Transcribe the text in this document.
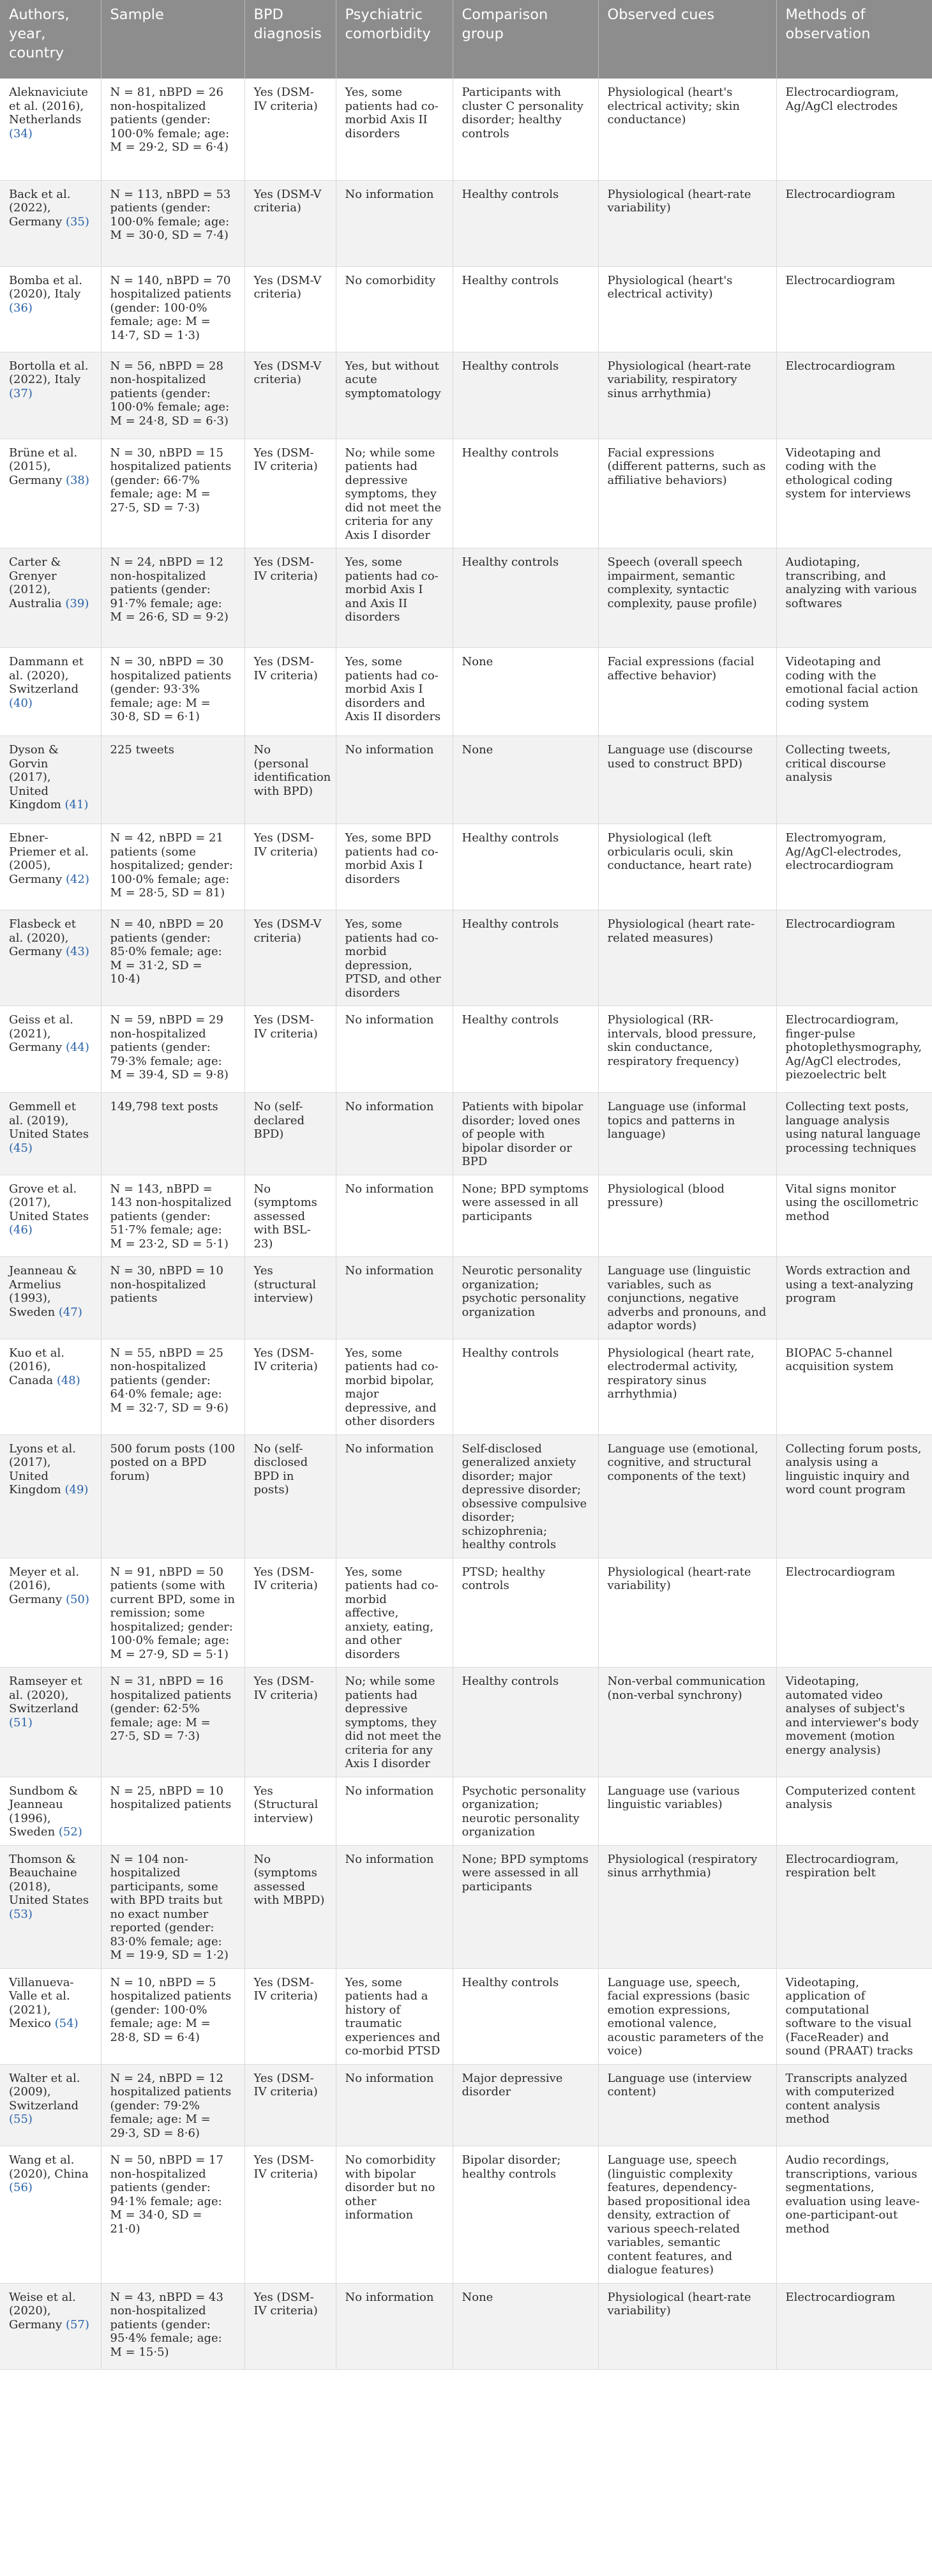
Authors, year, country	Sample	BPD diagnosis	Psychiatric comorbidity	Comparison group	Observed cues	Methods of observation
Aleknaviciute et al. (2016), Netherlands (34)	N = 81, nBPD = 26 non-hospitalized patients (gender: 100·0% female; age: M = 29·2, SD = 6·4)	Yes (DSM-IV criteria)	Yes, some patients had co-morbid Axis II disorders	Participants with cluster C personality disorder; healthy controls	Physiological (heart's electrical activity; skin conductance)	Electrocardiogram, Ag/AgCl electrodes
Back et al. (2022), Germany (35)	N = 113, nBPD = 53 patients (gender: 100·0% female; age: M = 30·0, SD = 7·4)	Yes (DSM-V criteria)	No information	Healthy controls	Physiological (heart-rate variability)	Electrocardiogram
Bomba et al. (2020), Italy (36)	N = 140, nBPD = 70 hospitalized patients (gender: 100·0% female; age: M = 14·7, SD = 1·3)	Yes (DSM-V criteria)	No comorbidity	Healthy controls	Physiological (heart's electrical activity)	Electrocardiogram
Bortolla et al. (2022), Italy (37)	N = 56, nBPD = 28 non-hospitalized patients (gender: 100·0% female; age: M = 24·8, SD = 6·3)	Yes (DSM-V criteria)	Yes, but without acute symptomatology	Healthy controls	Physiological (heart-rate variability, respiratory sinus arrhythmia)	Electrocardiogram
Brüne et al. (2015), Germany (38)	N = 30, nBPD = 15 hospitalized patients (gender: 66·7% female; age: M = 27·5, SD = 7·3)	Yes (DSM-IV criteria)	No; while some patients had depressive symptoms, they did not meet the criteria for any Axis I disorder	Healthy controls	Facial expressions (different patterns, such as affiliative behaviors)	Videotaping and coding with the ethological coding system for interviews
Carter & Grenyer (2012), Australia (39)	N = 24, nBPD = 12 non-hospitalized patients (gender: 91·7% female; age: M = 26·6, SD = 9·2)	Yes (DSM-IV criteria)	Yes, some patients had co-morbid Axis I and Axis II disorders	Healthy controls	Speech (overall speech impairment, semantic complexity, syntactic complexity, pause profile)	Audiotaping, transcribing, and analyzing with various softwares
Dammann et al. (2020), Switzerland (40)	N = 30, nBPD = 30 hospitalized patients (gender: 93·3% female; age: M = 30·8, SD = 6·1)	Yes (DSM-IV criteria)	Yes, some patients had co-morbid Axis I disorders and Axis II disorders	None	Facial expressions (facial affective behavior)	Videotaping and coding with the emotional facial action coding system
Dyson & Gorvin (2017), United Kingdom (41)	225 tweets	No (personal identification with BPD)	No information	None	Language use (discourse used to construct BPD)	Collecting tweets, critical discourse analysis
Ebner-Priemer et al. (2005), Germany (42)	N = 42, nBPD = 21 patients (some hospitalized; gender: 100·0% female; age: M = 28·5, SD = 81)	Yes (DSM-IV criteria)	Yes, some BPD patients had co-morbid Axis I disorders	Healthy controls	Physiological (left orbicularis oculi, skin conductance, heart rate)	Electromyogram, Ag/AgCl-electrodes, electrocardiogram
Flasbeck et al. (2020), Germany (43)	N = 40, nBPD = 20 patients (gender: 85·0% female; age: M = 31·2, SD = 10·4)	Yes (DSM-V criteria)	Yes, some patients had co-morbid depression, PTSD, and other disorders	Healthy controls	Physiological (heart rate-related measures)	Electrocardiogram
Geiss et al. (2021), Germany (44)	N = 59, nBPD = 29 non-hospitalized patients (gender: 79·3% female; age: M = 39·4, SD = 9·8)	Yes (DSM-IV criteria)	No information	Healthy controls	Physiological (RR-intervals, blood pressure, skin conductance, respiratory frequency)	Electrocardiogram, finger-pulse photoplethysmography, Ag/AgCl electrodes, piezoelectric belt
Gemmell et al. (2019), United States (45)	149,798 text posts	No (self-declared BPD)	No information	Patients with bipolar disorder; loved ones of people with bipolar disorder or BPD	Language use (informal topics and patterns in language)	Collecting text posts, language analysis using natural language processing techniques
Grove et al. (2017), United States (46)	N = 143, nBPD = 143 non-hospitalized patients (gender: 51·7% female; age: M = 23·2, SD = 5·1)	No (symptoms assessed with BSL-23)	No information	None; BPD symptoms were assessed in all participants	Physiological (blood pressure)	Vital signs monitor using the oscillometric method
Jeanneau & Armelius (1993), Sweden (47)	N = 30, nBPD = 10 non-hospitalized patients	Yes (structural interview)	No information	Neurotic personality organization; psychotic personality organization	Language use (linguistic variables, such as conjunctions, negative adverbs and pronouns, and adaptor words)	Words extraction and using a text-analyzing program
Kuo et al. (2016), Canada (48)	N = 55, nBPD = 25 non-hospitalized patients (gender: 64·0% female; age: M = 32·7, SD = 9·6)	Yes (DSM-IV criteria)	Yes, some patients had co-morbid bipolar, major depressive, and other disorders	Healthy controls	Physiological (heart rate, electrodermal activity, respiratory sinus arrhythmia)	BIOPAC 5-channel acquisition system
Lyons et al. (2017), United Kingdom (49)	500 forum posts (100 posted on a BPD forum)	No (self-disclosed BPD in posts)	No information	Self-disclosed generalized anxiety disorder; major depressive disorder; obsessive compulsive disorder; schizophrenia; healthy controls	Language use (emotional, cognitive, and structural components of the text)	Collecting forum posts, analysis using a linguistic inquiry and word count program
Meyer et al. (2016), Germany (50)	N = 91, nBPD = 50 patients (some with current BPD, some in remission; some hospitalized; gender: 100·0% female; age: M = 27·9, SD = 5·1)	Yes (DSM-IV criteria)	Yes, some patients had co-morbid affective, anxiety, eating, and other disorders	PTSD; healthy controls	Physiological (heart-rate variability)	Electrocardiogram
Ramseyer et al. (2020), Switzerland (51)	N = 31, nBPD = 16 hospitalized patients (gender: 62·5% female; age: M = 27·5, SD = 7·3)	Yes (DSM-IV criteria)	No; while some patients had depressive symptoms, they did not meet the criteria for any Axis I disorder	Healthy controls	Non-verbal communication (non-verbal synchrony)	Videotaping, automated video analyses of subject's and interviewer's body movement (motion energy analysis)
Sundbom & Jeanneau (1996), Sweden (52)	N = 25, nBPD = 10 hospitalized patients	Yes (Structural interview)	No information	Psychotic personality organization; neurotic personality organization	Language use (various linguistic variables)	Computerized content analysis
Thomson & Beauchaine (2018), United States (53)	N = 104 non-hospitalized participants, some with BPD traits but no exact number reported (gender: 83·0% female; age: M = 19·9, SD = 1·2)	No (symptoms assessed with MBPD)	No information	None; BPD symptoms were assessed in all participants	Physiological (respiratory sinus arrhythmia)	Electrocardiogram, respiration belt
Villanueva-Valle et al. (2021), Mexico (54)	N = 10, nBPD = 5 hospitalized patients (gender: 100·0% female; age: M = 28·8, SD = 6·4)	Yes (DSM-IV criteria)	Yes, some patients had a history of traumatic experiences and co-morbid PTSD	Healthy controls	Language use, speech, facial expressions (basic emotion expressions, emotional valence, acoustic parameters of the voice)	Videotaping, application of computational software to the visual (FaceReader) and sound (PRAAT) tracks
Walter et al. (2009), Switzerland (55)	N = 24, nBPD = 12 hospitalized patients (gender: 79·2% female; age: M = 29·3, SD = 8·6)	Yes (DSM-IV criteria)	No information	Major depressive disorder	Language use (interview content)	Transcripts analyzed with computerized content analysis method
Wang et al. (2020), China (56)	N = 50, nBPD = 17 non-hospitalized patients (gender: 94·1% female; age: M = 34·0, SD = 21·0)	Yes (DSM-IV criteria)	No comorbidity with bipolar disorder but no other information	Bipolar disorder; healthy controls	Language use, speech (linguistic complexity features, dependency-based propositional idea density, extraction of various speech-related variables, semantic content features, and dialogue features)	Audio recordings, transcriptions, various segmentations, evaluation using leave-one-participant-out method
Weise et al. (2020), Germany (57)	N = 43, nBPD = 43 non-hospitalized patients (gender: 95·4% female; age: M = 15·5)	Yes (DSM-IV criteria)	No information	None	Physiological (heart-rate variability)	Electrocardiogram
